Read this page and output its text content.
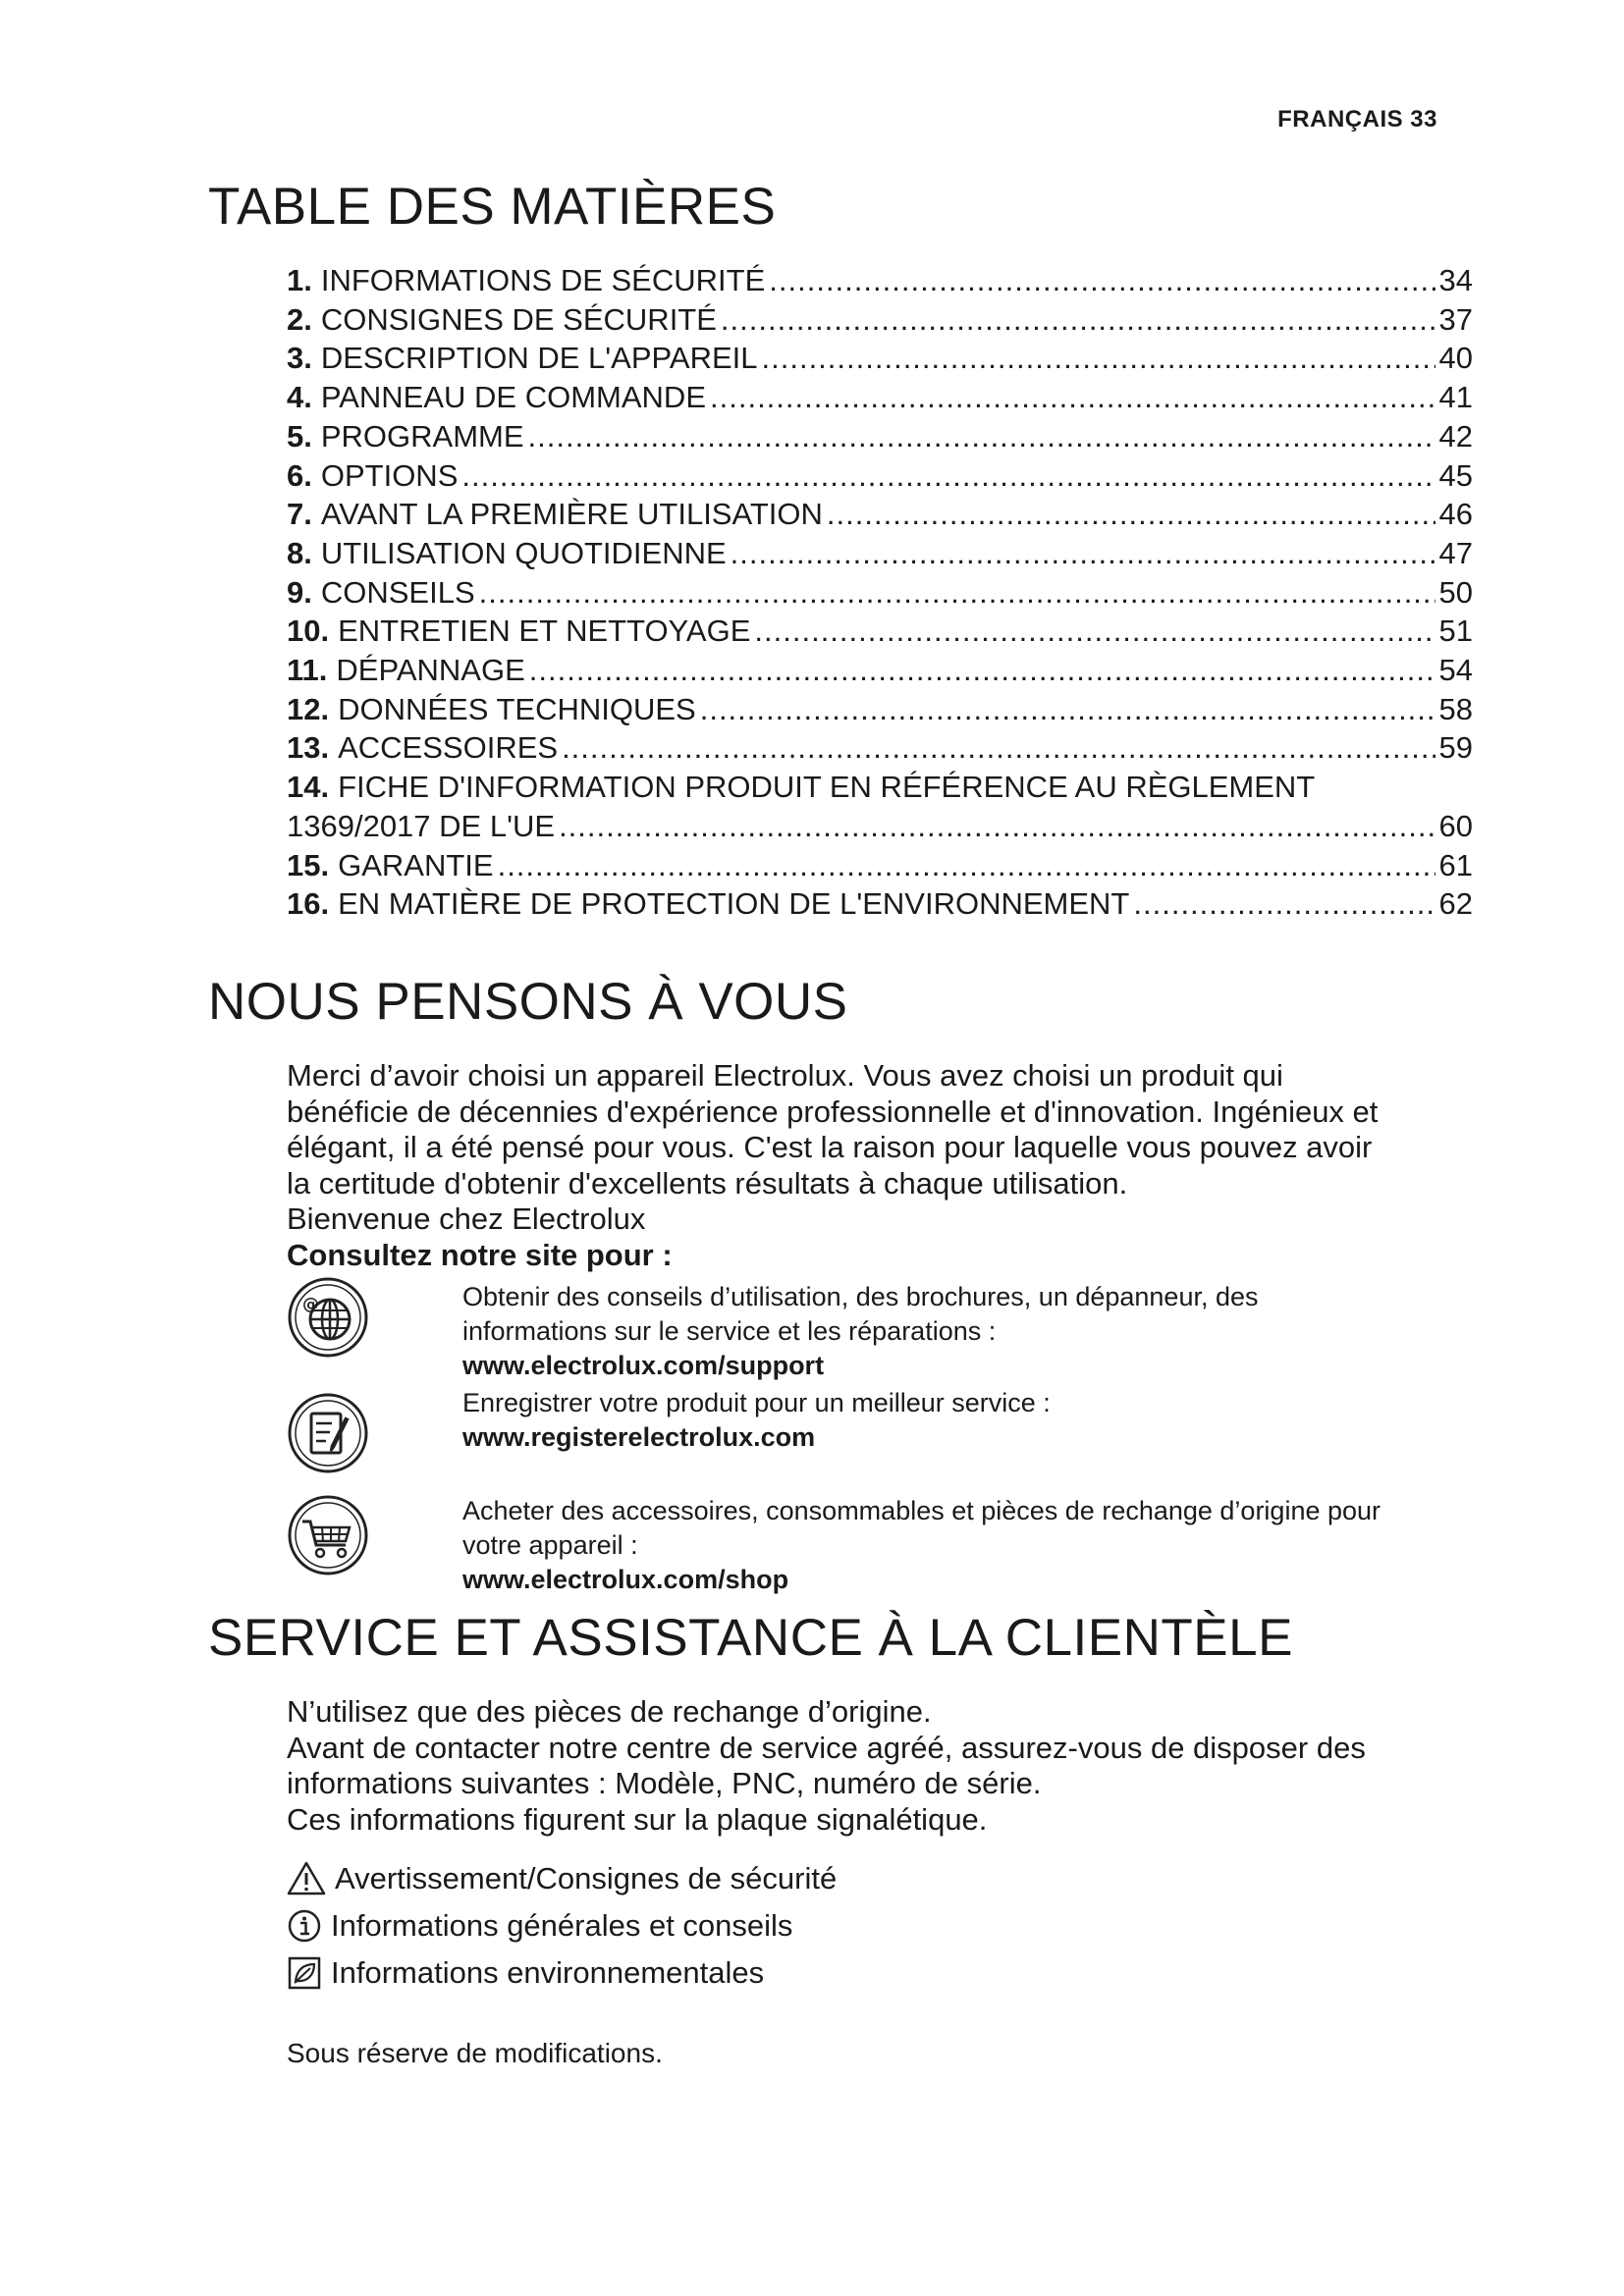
FRANÇAIS 33
TABLE DES MATIÈRES
1. INFORMATIONS DE SÉCURITÉ .....	34
2. CONSIGNES DE SÉCURITÉ .....	37
3. DESCRIPTION DE L'APPAREIL .....	40
4. PANNEAU DE COMMANDE .....	41
5. PROGRAMME .....	42
6. OPTIONS .....	45
7. AVANT LA PREMIÈRE UTILISATION .....	46
8. UTILISATION QUOTIDIENNE .....	47
9. CONSEILS .....	50
10. ENTRETIEN ET NETTOYAGE .....	51
11. DÉPANNAGE .....	54
12. DONNÉES TECHNIQUES .....	58
13. ACCESSOIRES .....	59
14. FICHE D'INFORMATION PRODUIT EN RÉFÉRENCE AU RÈGLEMENT
1369/2017 DE L'UE .....	60
15. GARANTIE .....	61
16. EN MATIÈRE DE PROTECTION DE L'ENVIRONNEMENT .....	62
NOUS PENSONS À VOUS

Merci d’avoir choisi un appareil Electrolux. Vous avez choisi un produit qui

bénéficie de décennies d'expérience professionnelle et d'innovation. Ingénieux et

élégant, il a été pensé pour vous. C'est la raison pour laquelle vous pouvez avoir

la certitude d'obtenir d'excellents résultats à chaque utilisation.

Bienvenue chez Electrolux

Consultez notre site pour :

@	Obtenir des conseils d’utilisation, des brochures, un dépanneur, des

informations sur le service et les réparations :

www.electrolux.com/support

Enregistrer votre produit pour un meilleur service :

www.registerelectrolux.com

Acheter des accessoires, consommables et pièces de rechange d’origine pour

votre appareil :

www.electrolux.com/shop

SERVICE ET ASSISTANCE À LA CLIENTÈLE

N’utilisez que des pièces de rechange d’origine.

Avant de contacter notre centre de service agréé, assurez-vous de disposer des

informations suivantes : Modèle, PNC, numéro de série.

Ces informations figurent sur la plaque signalétique.

Avertissement/Consignes de sécurité
Informations générales et conseils
Informations environnementales
Sous réserve de modifications.
